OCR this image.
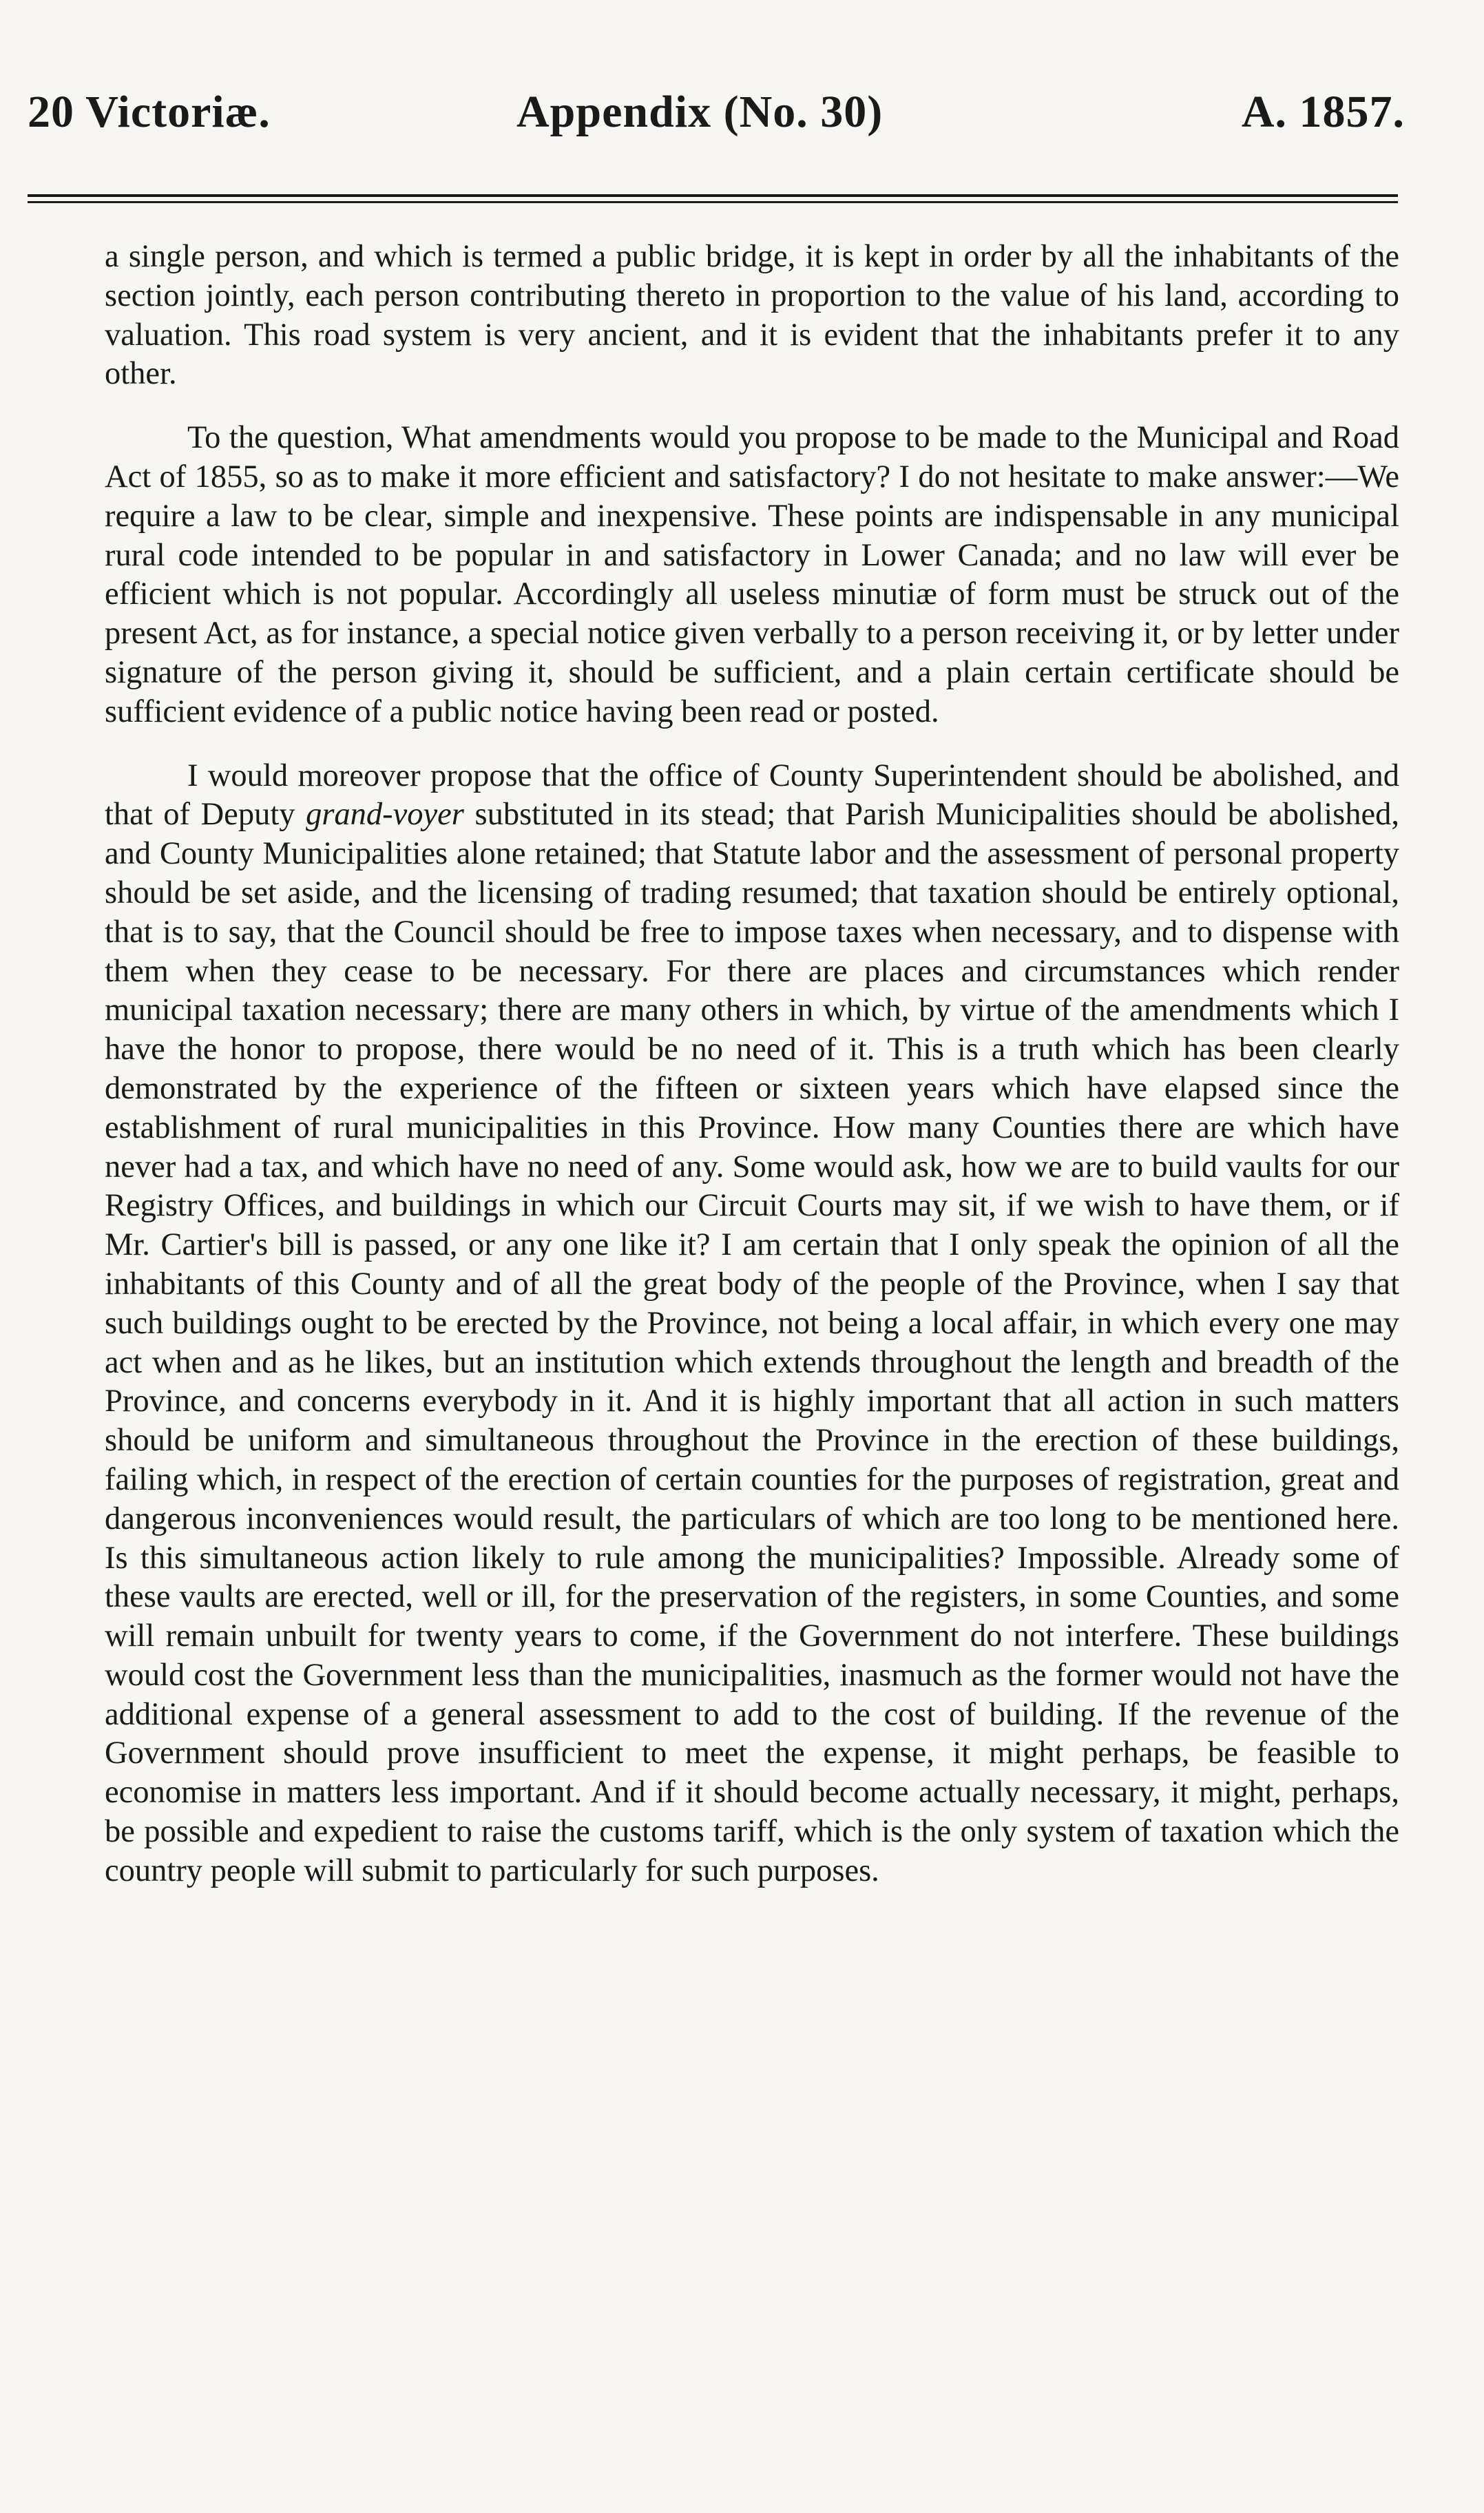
20 Victoriæ.	Appendix (No. 30)	A. 1857.

a single person, and which is termed a public bridge, it is kept in order by all the inhabitants of the section jointly, each person contributing thereto in proportion to the value of his land, according to valuation. This road system is very ancient, and it is evident that the inhabitants prefer it to any other.

To the question, What amendments would you propose to be made to the Municipal and Road Act of 1855, so as to make it more efficient and satisfactory? I do not hesitate to make answer:—We require a law to be clear, simple and inexpensive. These points are indispensable in any municipal rural code intended to be popular in and satisfactory in Lower Canada; and no law will ever be efficient which is not popular. Accordingly all useless minutiæ of form must be struck out of the present Act, as for instance, a special notice given verbally to a person receiving it, or by letter under signature of the person giving it, should be sufficient, and a plain certain certificate should be sufficient evidence of a public notice having been read or posted.

I would moreover propose that the office of County Superintendent should be abolished, and that of Deputy grand-voyer substituted in its stead; that Parish Municipalities should be abolished, and County Municipalities alone retained; that Statute labor and the assessment of personal property should be set aside, and the licensing of trading resumed; that taxation should be entirely optional, that is to say, that the Council should be free to impose taxes when necessary, and to dispense with them when they cease to be necessary. For there are places and circumstances which render municipal taxation necessary; there are many others in which, by virtue of the amendments which I have the honor to propose, there would be no need of it. This is a truth which has been clearly demonstrated by the experience of the fifteen or sixteen years which have elapsed since the establishment of rural municipalities in this Province. How many Counties there are which have never had a tax, and which have no need of any. Some would ask, how we are to build vaults for our Registry Offices, and buildings in which our Circuit Courts may sit, if we wish to have them, or if Mr. Cartier's bill is passed, or any one like it? I am certain that I only speak the opinion of all the inhabitants of this County and of all the great body of the people of the Province, when I say that such buildings ought to be erected by the Province, not being a local affair, in which every one may act when and as he likes, but an institution which extends throughout the length and breadth of the Province, and concerns everybody in it. And it is highly important that all action in such matters should be uniform and simultaneous throughout the Province in the erection of these buildings, failing which, in respect of the erection of certain counties for the purposes of registration, great and dangerous inconveniences would result, the particulars of which are too long to be mentioned here. Is this simultaneous action likely to rule among the municipalities? Impossible. Already some of these vaults are erected, well or ill, for the preservation of the registers, in some Counties, and some will remain unbuilt for twenty years to come, if the Government do not interfere. These buildings would cost the Government less than the municipalities, inasmuch as the former would not have the additional expense of a general assessment to add to the cost of building. If the revenue of the Government should prove insufficient to meet the expense, it might perhaps, be feasible to economise in matters less important. And if it should become actually necessary, it might, perhaps, be possible and expedient to raise the customs tariff, which is the only system of taxation which the country people will submit to particularly for such purposes.
